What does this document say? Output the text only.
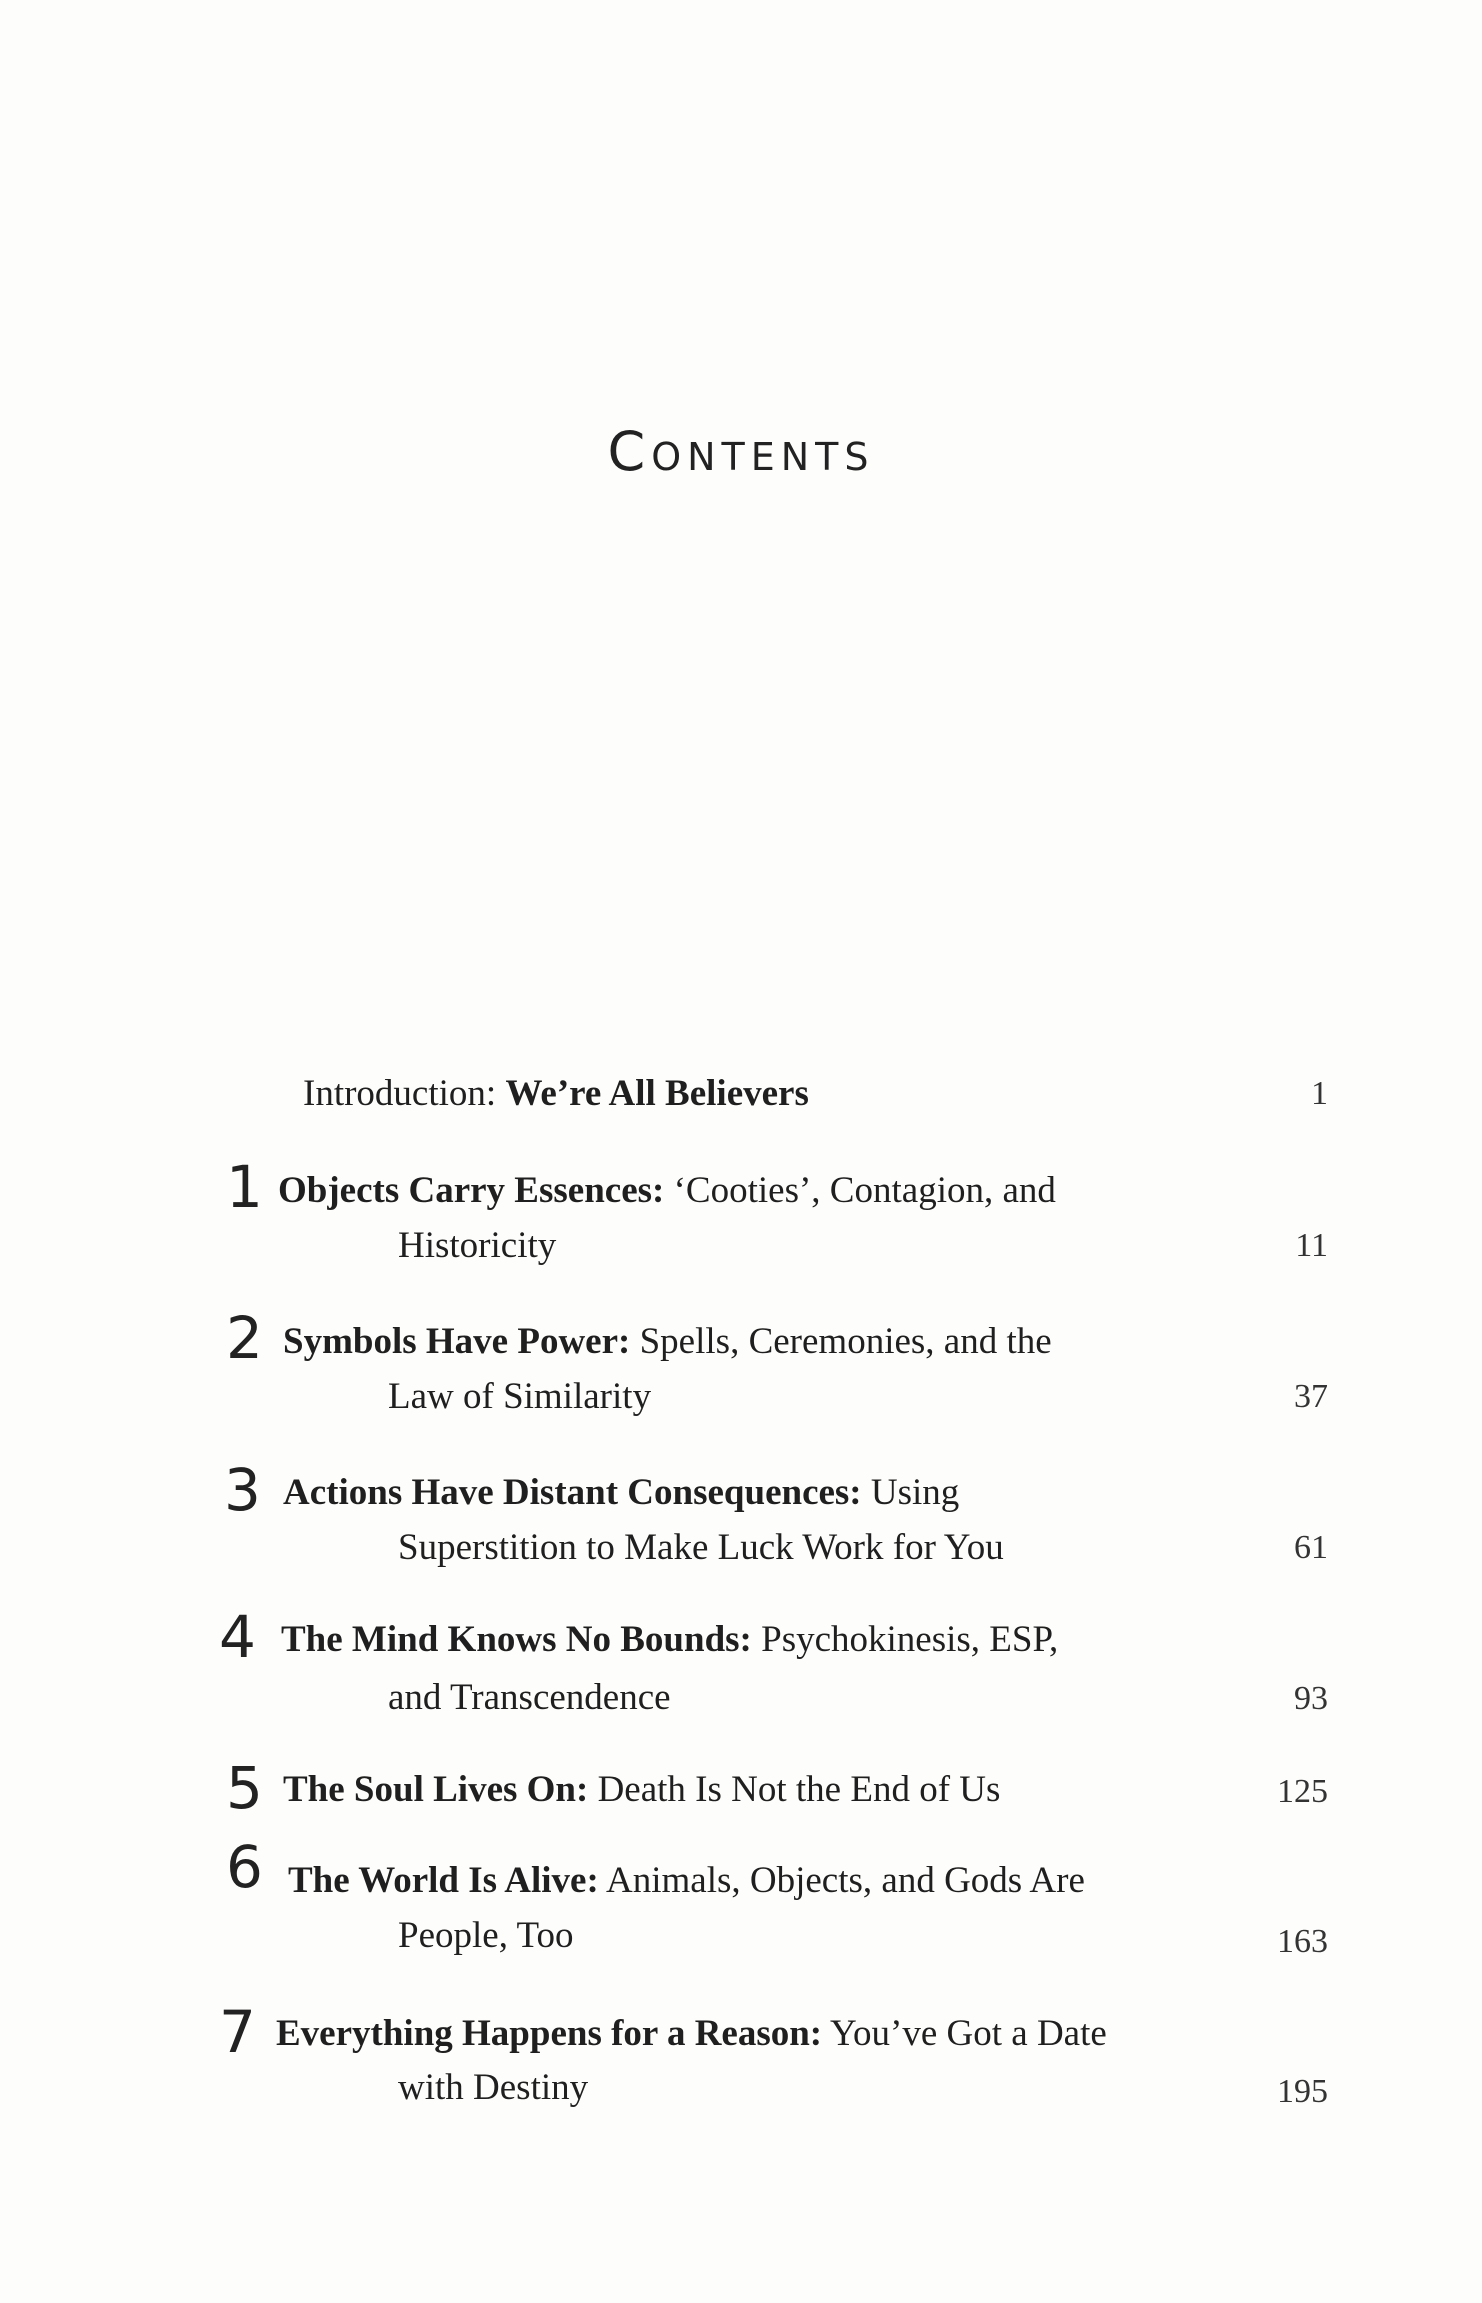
Contents
Introduction: We’re All Believers	1
1 Objects Carry Essences: ‘Cooties’, Contagion, and
Historicity	11
2 Symbols Have Power: Spells, Ceremonies, and the
Law of Similarity	37
3 Actions Have Distant Consequences: Using
Superstition to Make Luck Work for You	61
4 The Mind Knows No Bounds: Psychokinesis, ESP,
and Transcendence	93
5 The Soul Lives On: Death Is Not the End of Us	125
6 The World Is Alive: Animals, Objects, and Gods Are
People, Too	163
7 Everything Happens for a Reason: You’ve Got a Date
with Destiny	195
